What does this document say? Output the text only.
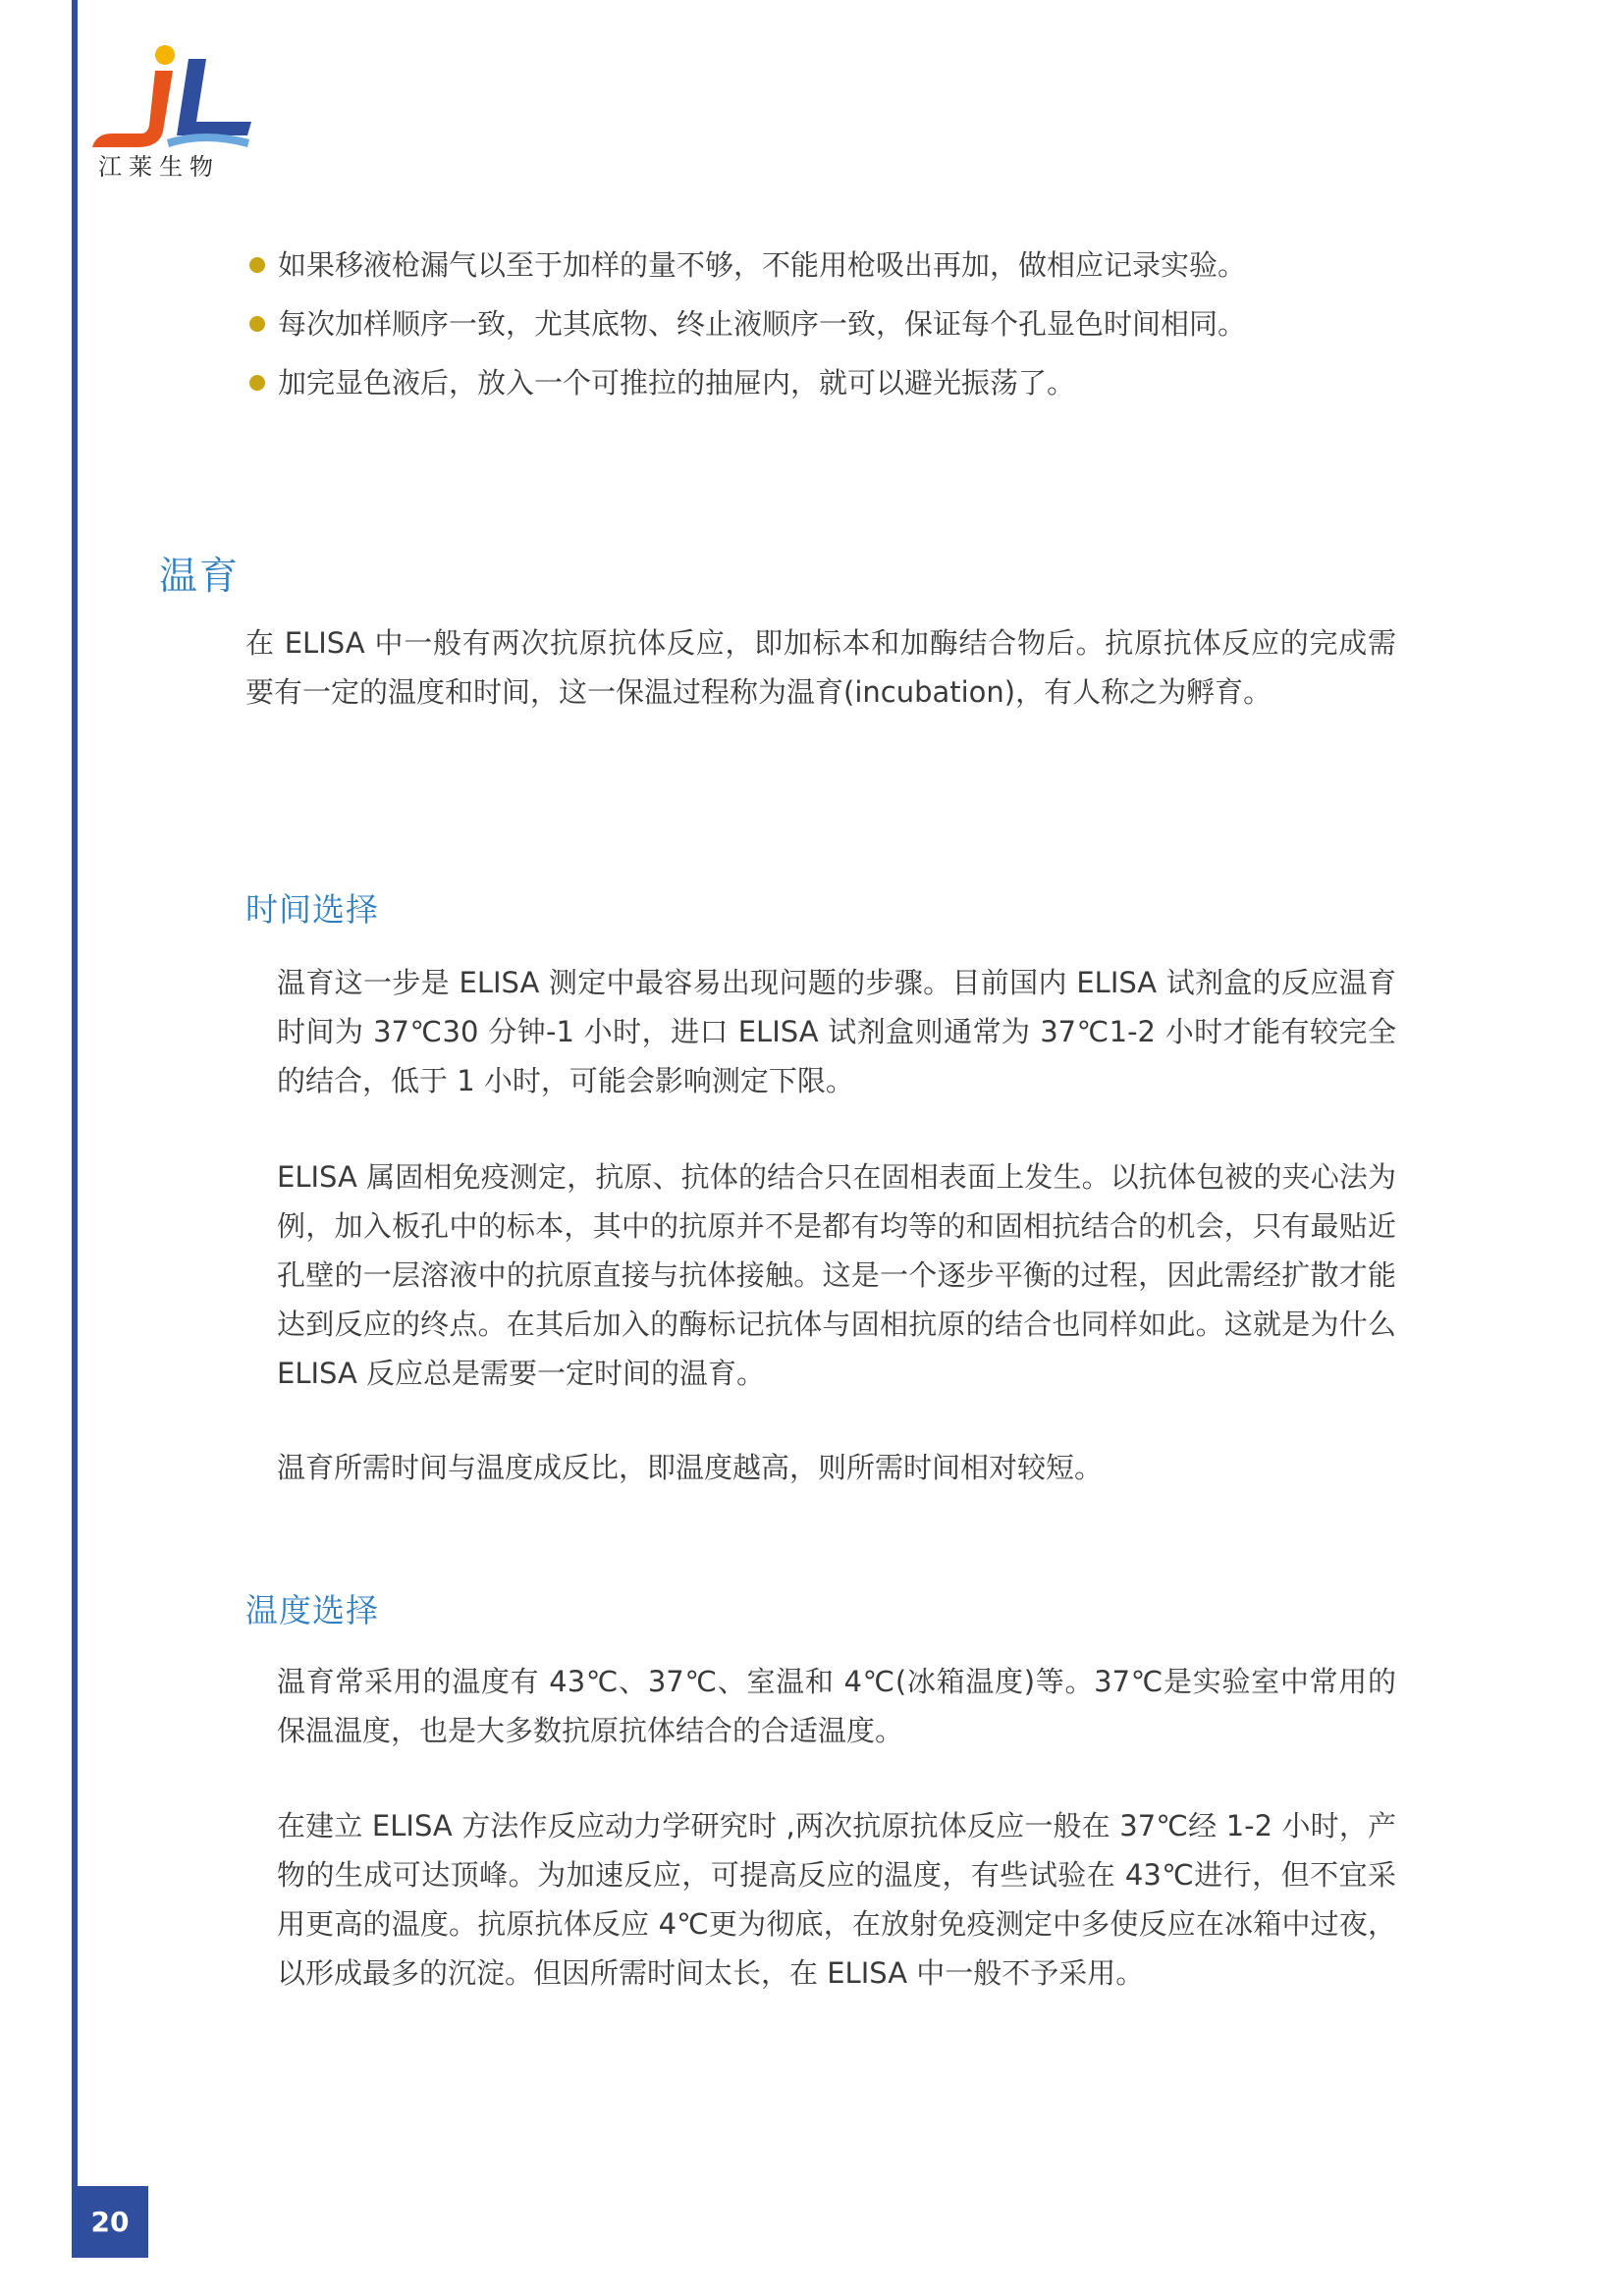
江莱生物
如果移液枪漏气以至于加样的量不够，不能用枪吸出再加，做相应记录实验。
每次加样顺序一致，尤其底物、终止液顺序一致，保证每个孔显色时间相同。
加完显色液后，放入一个可推拉的抽屉内，就可以避光振荡了。
温育
在 ELISA 中一般有两次抗原抗体反应，即加标本和加酶结合物后。抗原抗体反应的完成需要有一定的温度和时间，这一保温过程称为温育(incubation)，有人称之为孵育。
时间选择
温育这一步是 ELISA 测定中最容易出现问题的步骤。目前国内 ELISA 试剂盒的反应温育时间为 37℃30 分钟-1 小时，进口 ELISA 试剂盒则通常为 37℃1-2 小时才能有较完全的结合，低于 1 小时，可能会影响测定下限。
ELISA 属固相免疫测定，抗原、抗体的结合只在固相表面上发生。以抗体包被的夹心法为例，加入板孔中的标本，其中的抗原并不是都有均等的和固相抗结合的机会，只有最贴近孔壁的一层溶液中的抗原直接与抗体接触。这是一个逐步平衡的过程，因此需经扩散才能达到反应的终点。在其后加入的酶标记抗体与固相抗原的结合也同样如此。这就是为什么 ELISA 反应总是需要一定时间的温育。
温育所需时间与温度成反比，即温度越高，则所需时间相对较短。
温度选择
温育常采用的温度有 43℃、37℃、室温和 4℃(冰箱温度)等。37℃是实验室中常用的保温温度，也是大多数抗原抗体结合的合适温度。
在建立 ELISA 方法作反应动力学研究时 ,两次抗原抗体反应一般在 37℃经 1-2 小时，产物的生成可达顶峰。为加速反应，可提高反应的温度，有些试验在 43℃进行，但不宜采用更高的温度。抗原抗体反应 4℃更为彻底，在放射免疫测定中多使反应在冰箱中过夜，以形成最多的沉淀。但因所需时间太长，在 ELISA 中一般不予采用。
20
